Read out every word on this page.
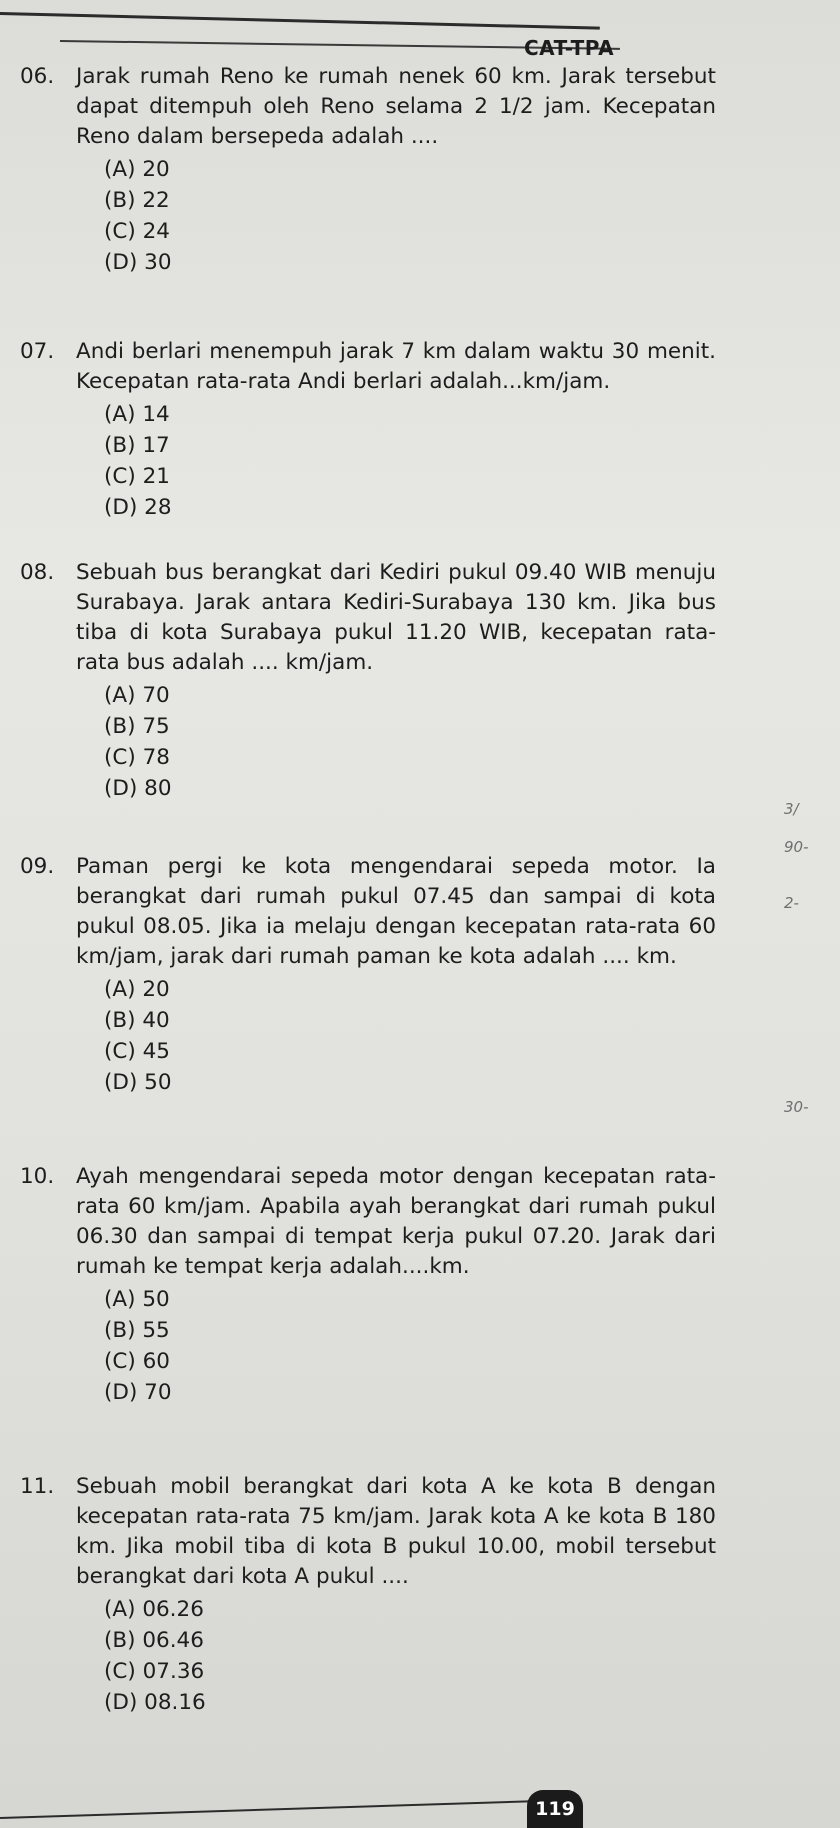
CAT-TPA
06.	Jarak rumah Reno ke rumah nenek 60 km. Jarak tersebut dapat ditempuh oleh Reno selama 2 1/2 jam. Kecepatan Reno dalam bersepeda adalah ....
(A) 20
(B) 22
(C) 24
(D) 30
07.	Andi berlari menempuh jarak 7 km dalam waktu 30 menit. Kecepatan rata-rata Andi berlari adalah...km/jam.
(A) 14
(B) 17
(C) 21
(D) 28
08.	Sebuah bus berangkat dari Kediri pukul 09.40 WIB menuju Surabaya. Jarak antara Kediri-Surabaya 130 km. Jika bus tiba di kota Surabaya pukul 11.20 WIB, kecepatan rata- rata bus adalah .... km/jam.
(A) 70
(B) 75
(C) 78
(D) 80
09.	Paman pergi ke kota mengendarai sepeda motor. Ia berangkat dari rumah pukul 07.45 dan sampai di kota pukul 08.05. Jika ia melaju dengan kecepatan rata-rata 60 km/jam, jarak dari rumah paman ke kota adalah .... km.
(A) 20
(B) 40
(C) 45
(D) 50
10.	Ayah mengendarai sepeda motor dengan kecepatan rata-rata 60 km/jam. Apabila ayah berangkat dari rumah pukul 06.30 dan sampai di tempat kerja pukul 07.20. Jarak dari rumah ke tempat kerja adalah....km.
(A) 50
(B) 55
(C) 60
(D) 70
11.	Sebuah mobil berangkat dari kota A ke kota B dengan kecepatan rata-rata 75 km/jam. Jarak kota A ke kota B 180 km. Jika mobil tiba di kota B pukul 10.00, mobil tersebut berangkat dari kota A pukul ....
(A) 06.26
(B) 06.46
(C) 07.36
(D) 08.16
3/
90-
2-
30-
119
